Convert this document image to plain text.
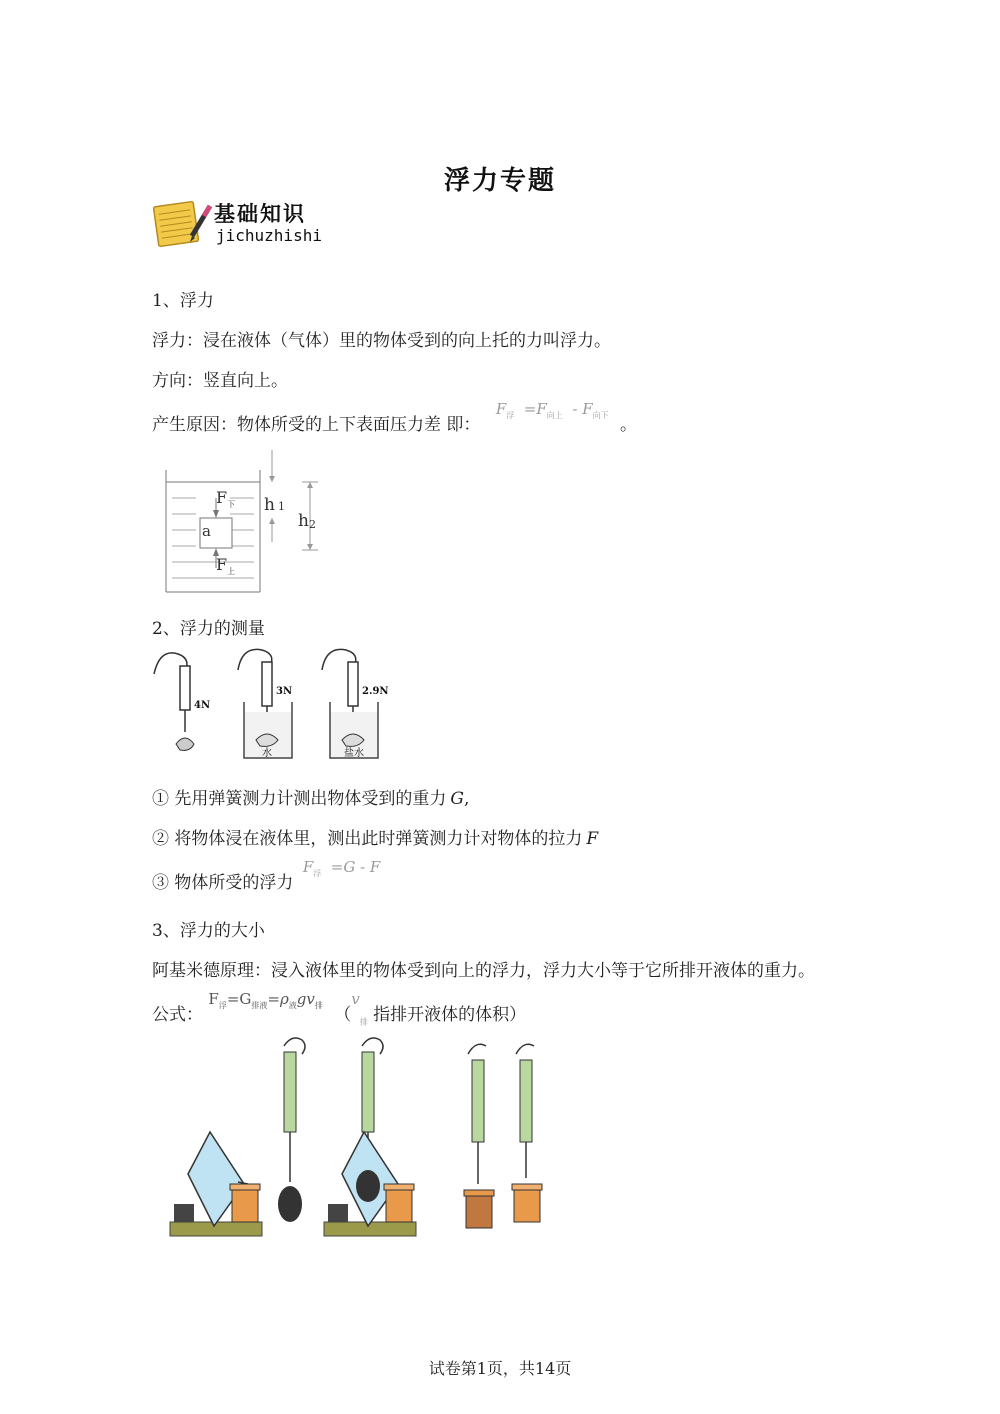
浮力专题
基础知识
jichuzhishi
1、浮力
浮力：浸在液体（气体）里的物体受到的向上托的力叫浮力。
方向：竖直向上。
产生原因：物体所受的上下表面压力差 即： $F_浮 =F_{向上} - F_{向下}$ 。
a
$F_下$
$F_上$
h 1
h2
2、浮力的测量
4N
3N
水
2.9N
盐水
① 先用弹簧测力计测出物体受到的重力 G,
② 将物体浸在液体里，测出此时弹簧测力计对物体的拉力 F
③ 物体所受的浮力 $F_浮 =G - F$
3、浮力的大小
阿基米德原理：浸入液体里的物体受到向上的浮力，浮力大小等于它所排开液体的重力。
公式： $F_浮=G_{排液}=\rho_液gv_排$ （$v_排$ 指排开液体的体积）
试卷第1页，共14页
